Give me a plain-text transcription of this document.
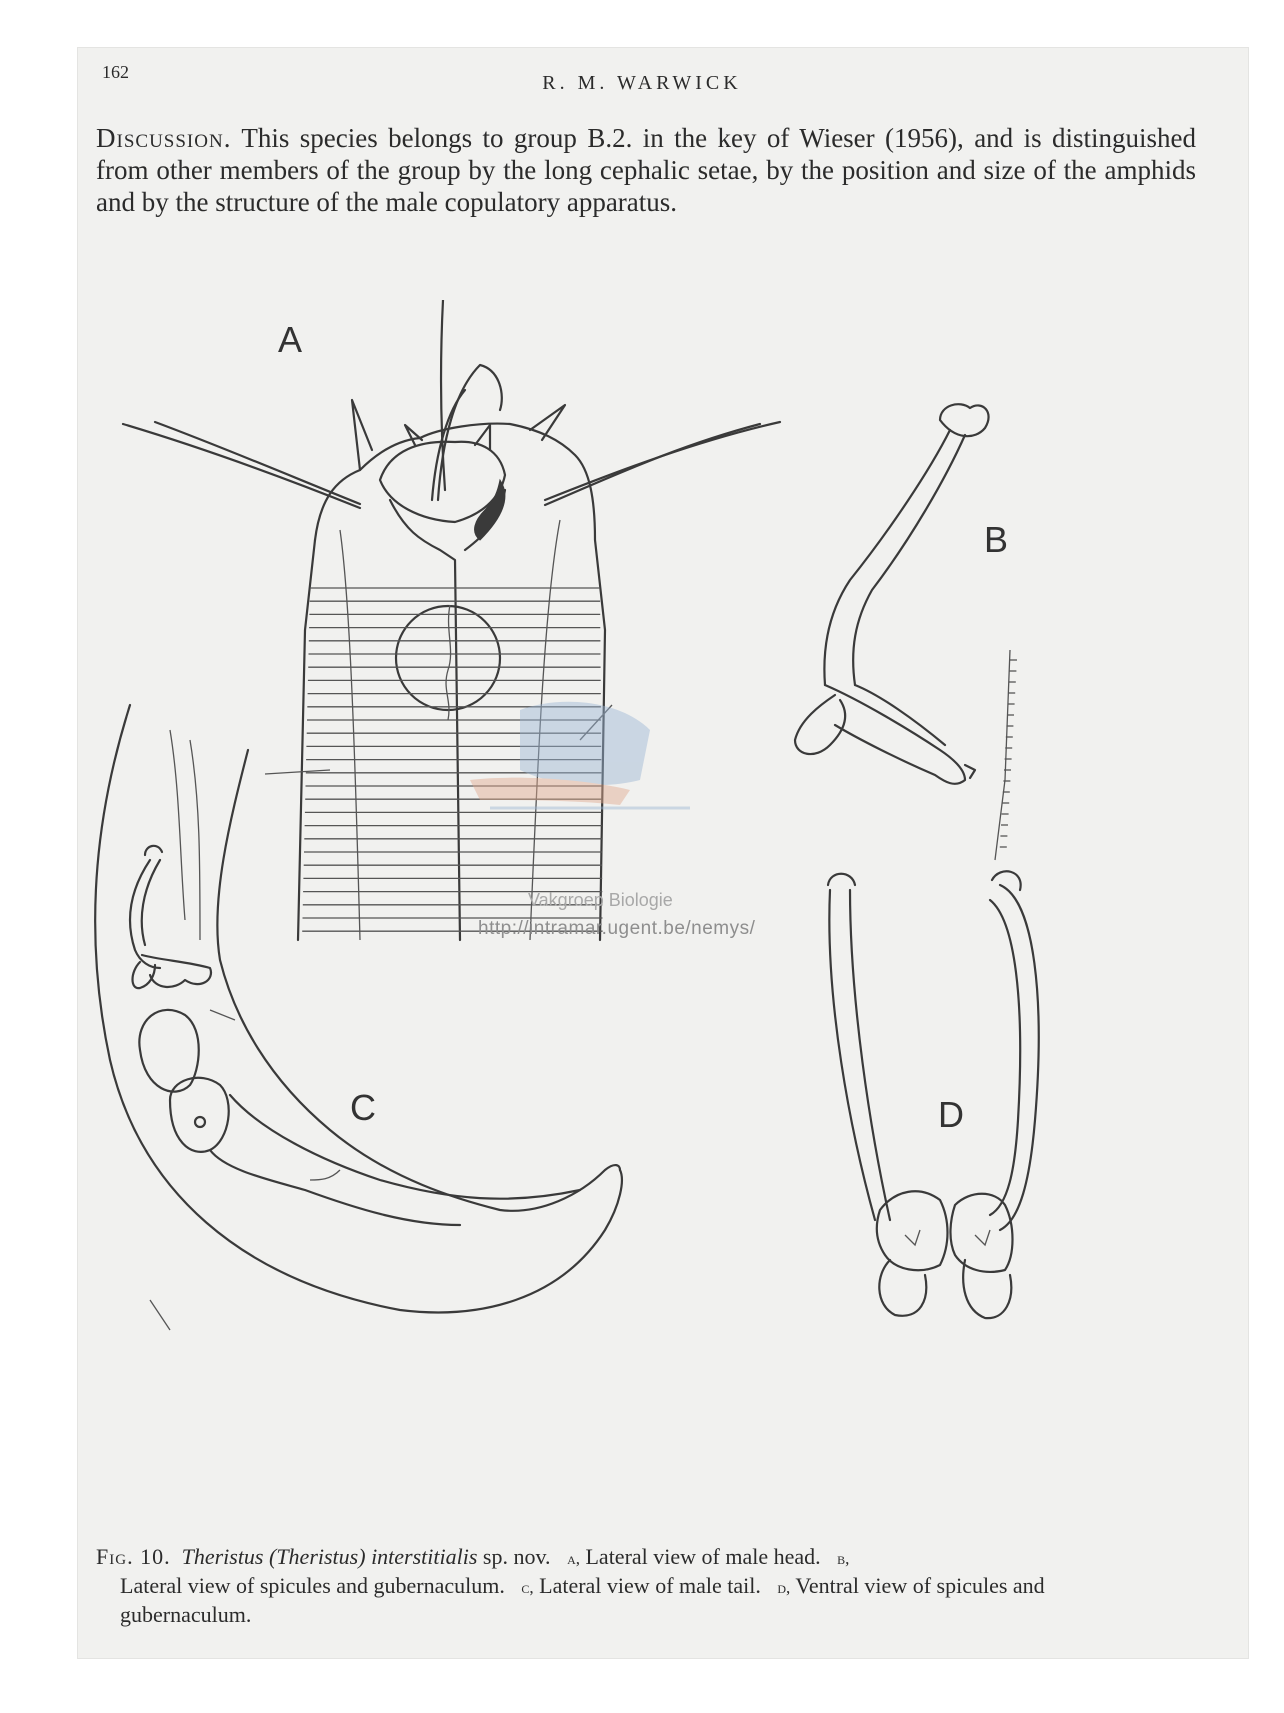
162	R. M. WARWICK

Discussion. This species belongs to group B.2. in the key of Wieser (1956), and is distinguished from other members of the group by the long cephalic setae, by the position and size of the amphids and by the structure of the male copulatory apparatus.

A
B
C	D
Vakgroep Biologie
http://intramar.ugent.be/nemys/

Fig. 10. Theristus (Theristus) interstitialis sp. nov. a, Lateral view of male head. b,
Lateral view of spicules and gubernaculum. c, Lateral view of male tail. d, Ventral view of spicules and gubernaculum.
